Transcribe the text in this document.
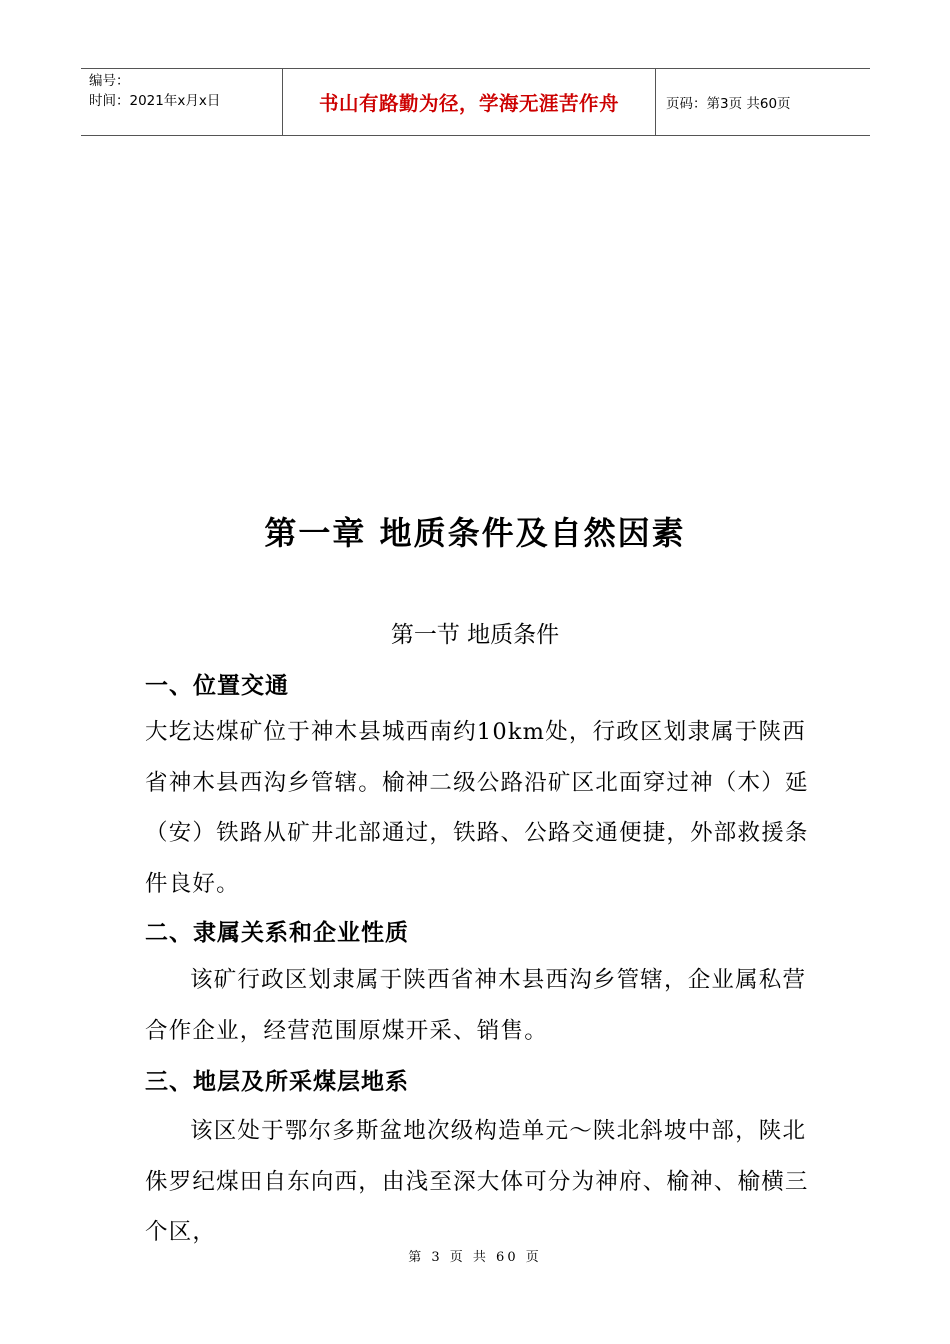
编号：
时间：2021年x月x日	书山有路勤为径，学海无涯苦作舟	页码：第3页 共60页
第一章 地质条件及自然因素
第一节 地质条件
一、位置交通

大圪达煤矿位于神木县城西南约10km处，行政区划隶属于陕西省神木县西沟乡管辖。榆神二级公路沿矿区北面穿过神（木）延（安）铁路从矿井北部通过，铁路、公路交通便捷，外部救援条件良好。

二、隶属关系和企业性质

该矿行政区划隶属于陕西省神木县西沟乡管辖，企业属私营合作企业，经营范围原煤开采、销售。

三、地层及所采煤层地系

该区处于鄂尔多斯盆地次级构造单元～陕北斜坡中部，陕北侏罗纪煤田自东向西，由浅至深大体可分为神府、榆神、榆横三个区，

第 3 页 共 60 页
